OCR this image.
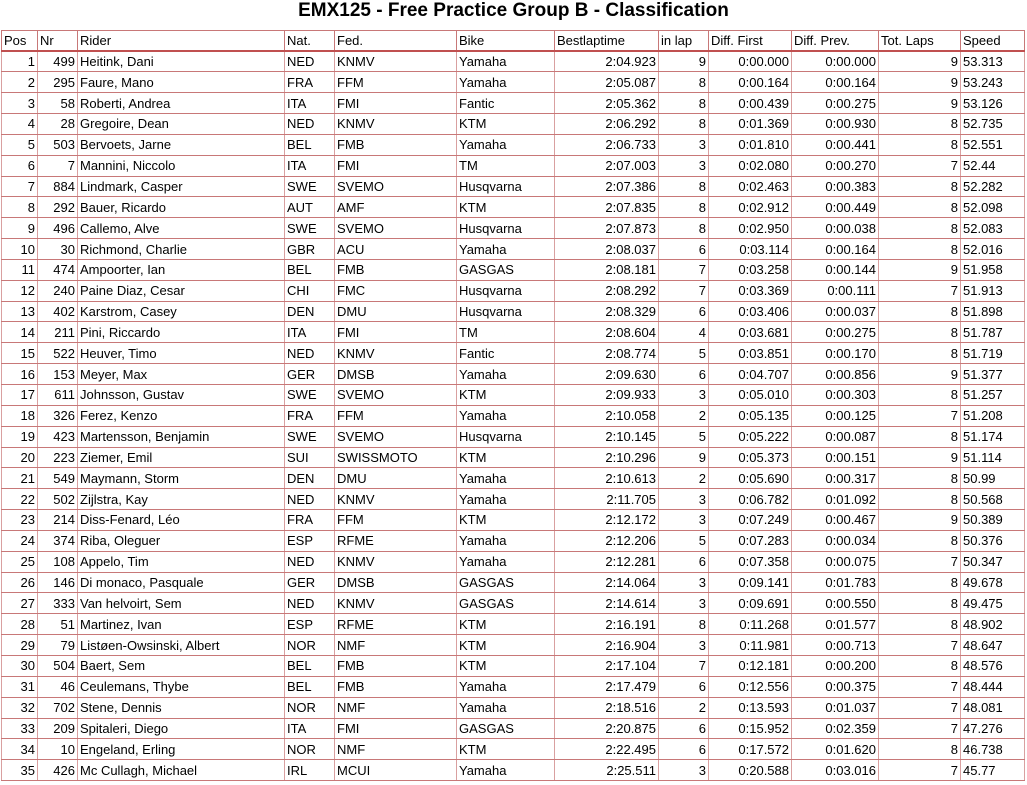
EMX125 - Free Practice Group B - Classification
Pos	Nr	Rider	Nat.	Fed.	Bike	Bestlaptime	in lap	Diff. First	Diff. Prev.	Tot. Laps	Speed
1	499	Heitink, Dani	NED	KNMV	Yamaha	2:04.923	9	0:00.000	0:00.000	9	53.313
2	295	Faure, Mano	FRA	FFM	Yamaha	2:05.087	8	0:00.164	0:00.164	9	53.243
3	58	Roberti, Andrea	ITA	FMI	Fantic	2:05.362	8	0:00.439	0:00.275	9	53.126
4	28	Gregoire, Dean	NED	KNMV	KTM	2:06.292	8	0:01.369	0:00.930	8	52.735
5	503	Bervoets, Jarne	BEL	FMB	Yamaha	2:06.733	3	0:01.810	0:00.441	8	52.551
6	7	Mannini, Niccolo	ITA	FMI	TM	2:07.003	3	0:02.080	0:00.270	7	52.44
7	884	Lindmark, Casper	SWE	SVEMO	Husqvarna	2:07.386	8	0:02.463	0:00.383	8	52.282
8	292	Bauer, Ricardo	AUT	AMF	KTM	2:07.835	8	0:02.912	0:00.449	8	52.098
9	496	Callemo, Alve	SWE	SVEMO	Husqvarna	2:07.873	8	0:02.950	0:00.038	8	52.083
10	30	Richmond, Charlie	GBR	ACU	Yamaha	2:08.037	6	0:03.114	0:00.164	8	52.016
11	474	Ampoorter, Ian	BEL	FMB	GASGAS	2:08.181	7	0:03.258	0:00.144	9	51.958
12	240	Paine Diaz, Cesar	CHI	FMC	Husqvarna	2:08.292	7	0:03.369	0:00.111	7	51.913
13	402	Karstrom, Casey	DEN	DMU	Husqvarna	2:08.329	6	0:03.406	0:00.037	8	51.898
14	211	Pini, Riccardo	ITA	FMI	TM	2:08.604	4	0:03.681	0:00.275	8	51.787
15	522	Heuver, Timo	NED	KNMV	Fantic	2:08.774	5	0:03.851	0:00.170	8	51.719
16	153	Meyer, Max	GER	DMSB	Yamaha	2:09.630	6	0:04.707	0:00.856	9	51.377
17	611	Johnsson, Gustav	SWE	SVEMO	KTM	2:09.933	3	0:05.010	0:00.303	8	51.257
18	326	Ferez, Kenzo	FRA	FFM	Yamaha	2:10.058	2	0:05.135	0:00.125	7	51.208
19	423	Martensson, Benjamin	SWE	SVEMO	Husqvarna	2:10.145	5	0:05.222	0:00.087	8	51.174
20	223	Ziemer, Emil	SUI	SWISSMOTO	KTM	2:10.296	9	0:05.373	0:00.151	9	51.114
21	549	Maymann, Storm	DEN	DMU	Yamaha	2:10.613	2	0:05.690	0:00.317	8	50.99
22	502	Zijlstra, Kay	NED	KNMV	Yamaha	2:11.705	3	0:06.782	0:01.092	8	50.568
23	214	Diss-Fenard, Léo	FRA	FFM	KTM	2:12.172	3	0:07.249	0:00.467	9	50.389
24	374	Riba, Oleguer	ESP	RFME	Yamaha	2:12.206	5	0:07.283	0:00.034	8	50.376
25	108	Appelo, Tim	NED	KNMV	Yamaha	2:12.281	6	0:07.358	0:00.075	7	50.347
26	146	Di monaco, Pasquale	GER	DMSB	GASGAS	2:14.064	3	0:09.141	0:01.783	8	49.678
27	333	Van helvoirt, Sem	NED	KNMV	GASGAS	2:14.614	3	0:09.691	0:00.550	8	49.475
28	51	Martinez, Ivan	ESP	RFME	KTM	2:16.191	8	0:11.268	0:01.577	8	48.902
29	79	Listøen-Owsinski, Albert	NOR	NMF	KTM	2:16.904	3	0:11.981	0:00.713	7	48.647
30	504	Baert, Sem	BEL	FMB	KTM	2:17.104	7	0:12.181	0:00.200	8	48.576
31	46	Ceulemans, Thybe	BEL	FMB	Yamaha	2:17.479	6	0:12.556	0:00.375	7	48.444
32	702	Stene, Dennis	NOR	NMF	Yamaha	2:18.516	2	0:13.593	0:01.037	7	48.081
33	209	Spitaleri, Diego	ITA	FMI	GASGAS	2:20.875	6	0:15.952	0:02.359	7	47.276
34	10	Engeland, Erling	NOR	NMF	KTM	2:22.495	6	0:17.572	0:01.620	8	46.738
35	426	Mc Cullagh, Michael	IRL	MCUI	Yamaha	2:25.511	3	0:20.588	0:03.016	7	45.77
